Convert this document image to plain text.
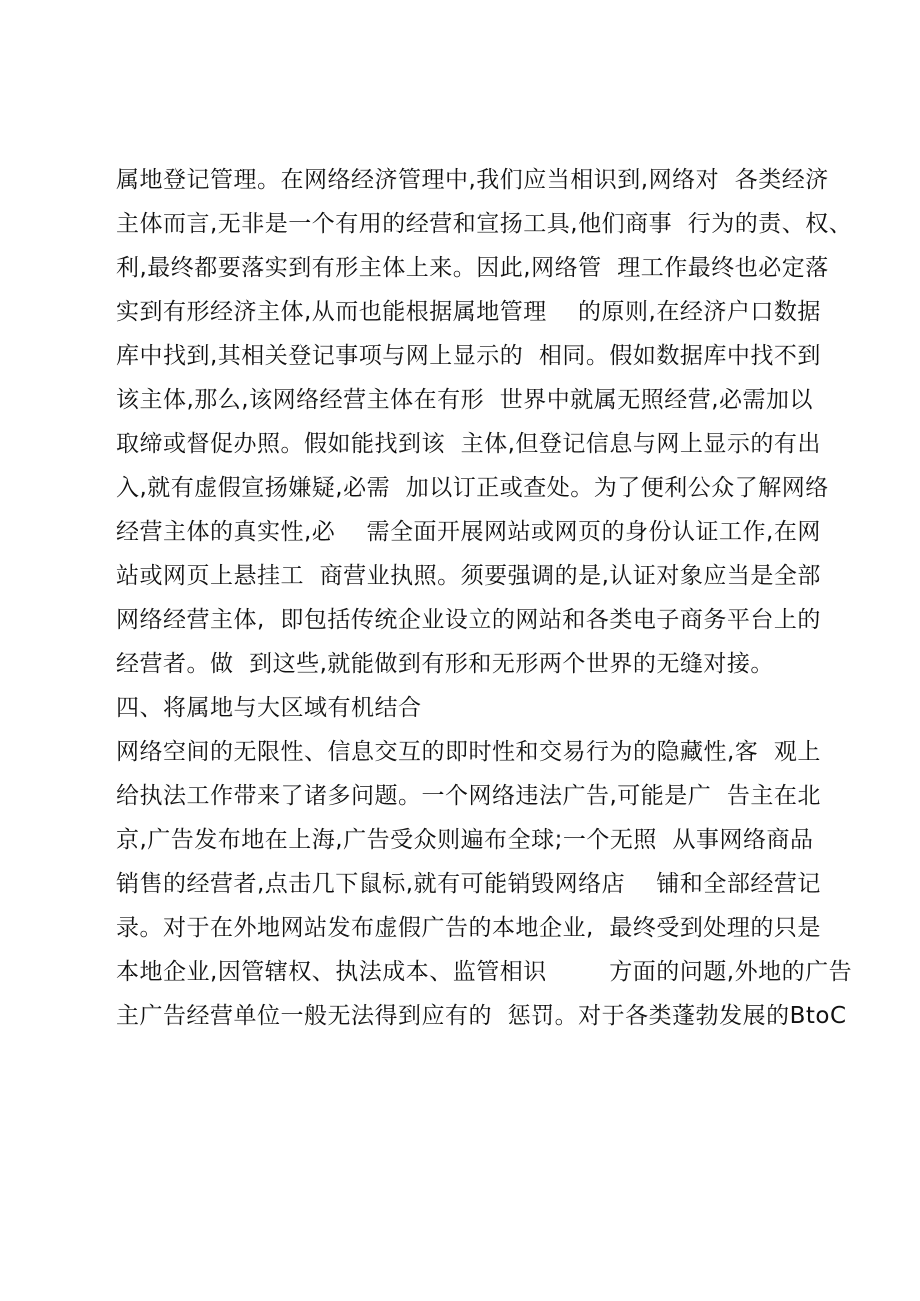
属地登记管理。在网络经济管理中,我们应当相识到,网络对  各类经济

主体而言,无非是一个有用的经营和宣扬工具,他们商事  行为的责、权、

利,最终都要落实到有形主体上来。因此,网络管  理工作最终也必定落

实到有形经济主体,从而也能根据属地管理    的原则,在经济户口数据

库中找到,其相关登记事项与网上显示的  相同。假如数据库中找不到

该主体,那么,该网络经营主体在有形  世界中就属无照经营,必需加以

取缔或督促办照。假如能找到该  主体,但登记信息与网上显示的有出

入,就有虚假宣扬嫌疑,必需  加以订正或查处。为了便利公众了解网络

经营主体的真实性,必    需全面开展网站或网页的身份认证工作,在网

站或网页上悬挂工  商营业执照。须要强调的是,认证对象应当是全部

网络经营主体,  即包括传统企业设立的网站和各类电子商务平台上的

经营者。做  到这些,就能做到有形和无形两个世界的无缝对接。

四、将属地与大区域有机结合

网络空间的无限性、信息交互的即时性和交易行为的隐藏性,客  观上

给执法工作带来了诸多问题。一个网络违法广告,可能是广  告主在北

京,广告发布地在上海,广告受众则遍布全球;一个无照  从事网络商品

销售的经营者,点击几下鼠标,就有可能销毁网络店    铺和全部经营记

录。对于在外地网站发布虚假广告的本地企业,  最终受到处理的只是

本地企业,因管辖权、执法成本、监管相识        方面的问题,外地的广告

主广告经营单位一般无法得到应有的  惩罚。对于各类蓬勃发展的BtoC
